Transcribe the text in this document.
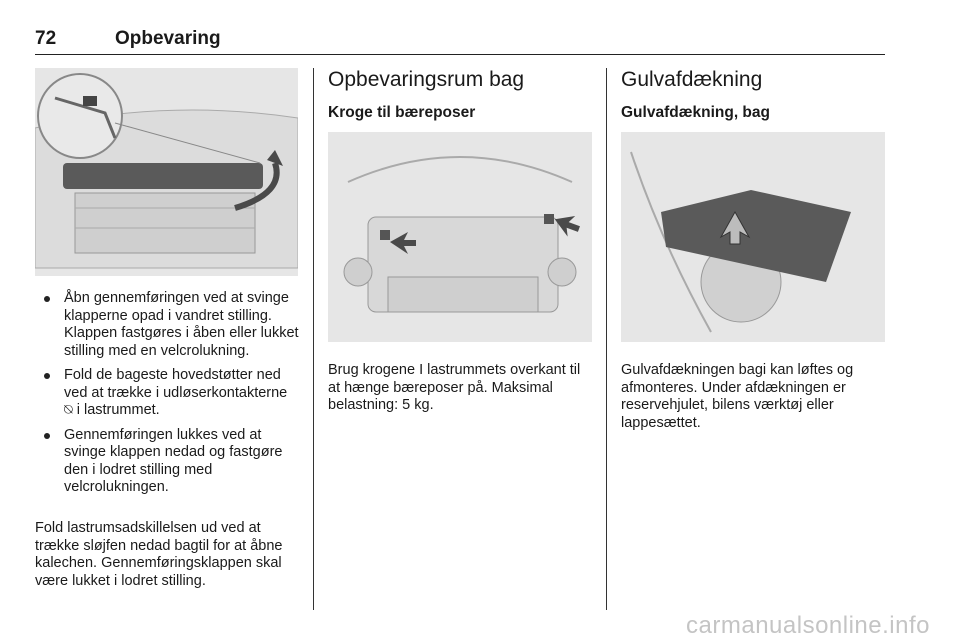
72	Opbevaring
Åbn gennemføringen ved at svinge klapperne opad i vandret stilling. Klappen fastgøres i åben eller lukket stilling med en velcrolukning.
Fold de bageste hovedstøtter ned ved at trække i udløserkontakterne ⍉ i lastrummet.
Gennemføringen lukkes ved at svinge klappen nedad og fastgøre den i lodret stilling med velcrolukningen.

Fold lastrumsadskillelsen ud ved at trække sløjfen nedad bagtil for at åbne kalechen. Gennemføringsklappen skal være lukket i lodret stilling.

Opbevaringsrum bag
Kroge til bæreposer

Brug krogene I lastrummets overkant til at hænge bæreposer på. Maksimal belastning: 5 kg.

Gulvafdækning
Gulvafdækning, bag

Gulvafdækningen bagi kan løftes og afmonteres. Under afdækningen er reservehjulet, bilens værktøj eller lappesættet.

carmanualsonline.info
